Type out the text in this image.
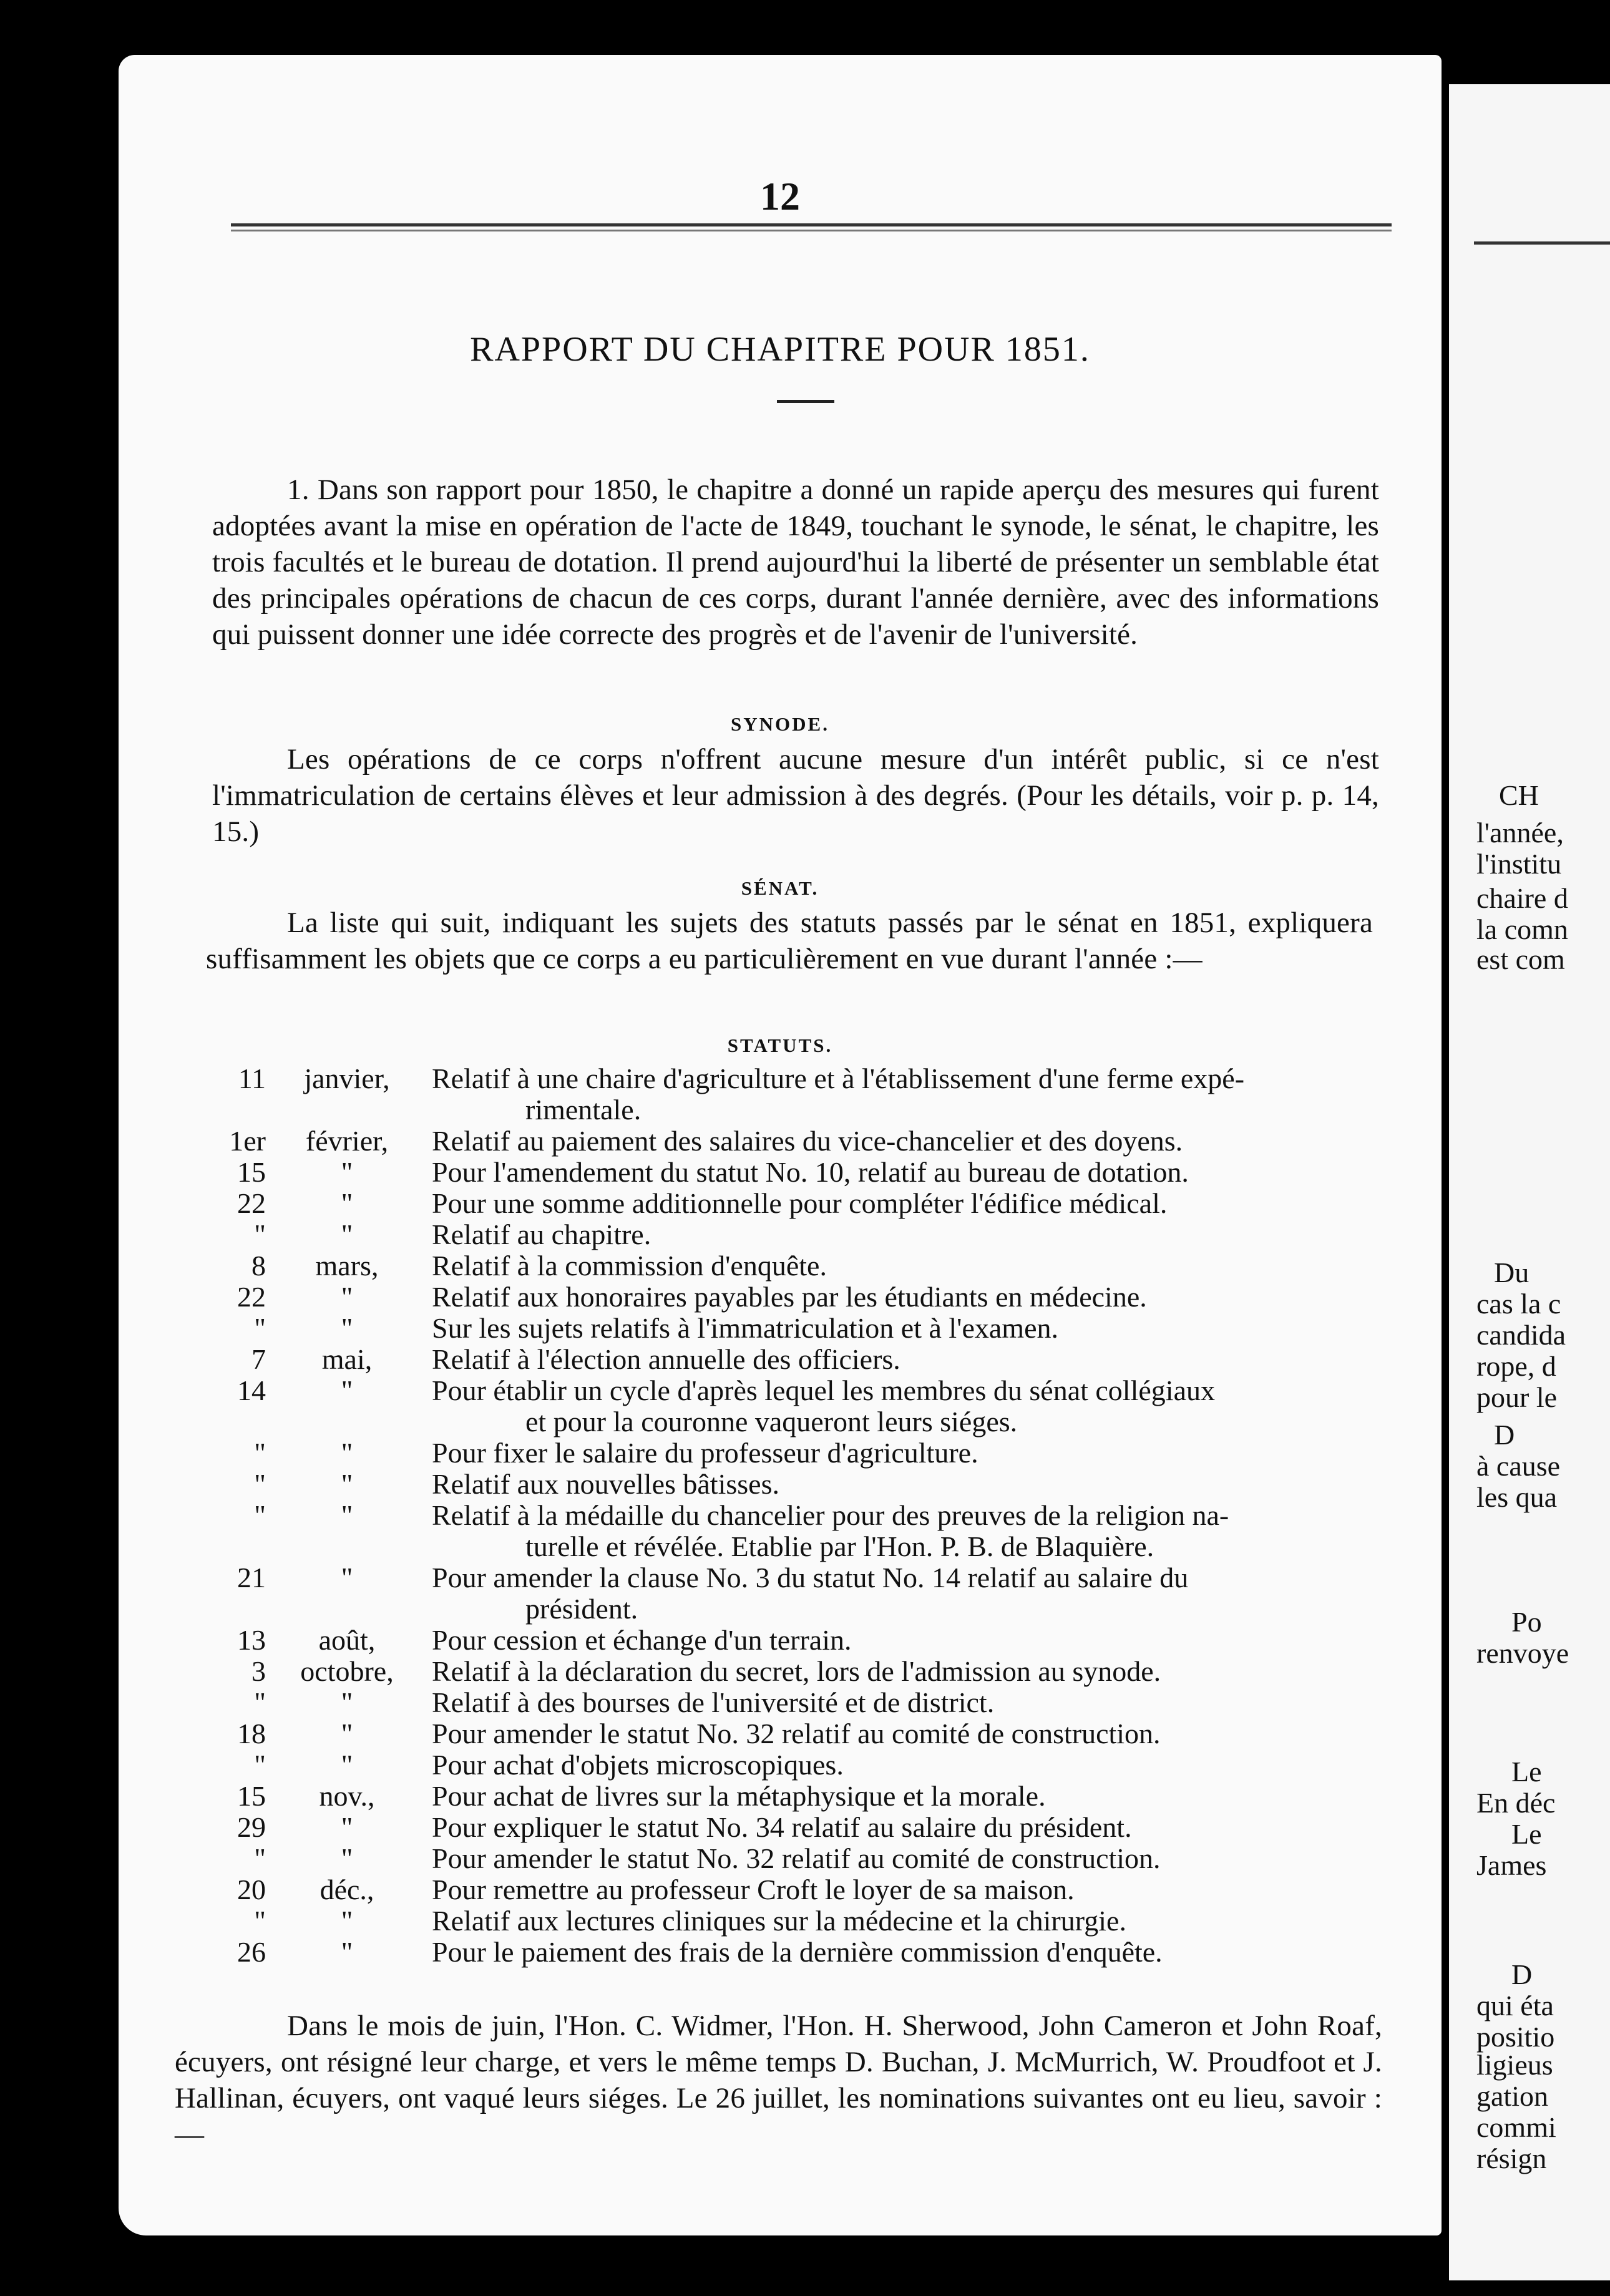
12
RAPPORT DU CHAPITRE POUR 1851.
1. Dans son rapport pour 1850, le chapitre a donné un rapide aperçu des mesures qui furent adoptées avant la mise en opération de l'acte de 1849, touchant le synode, le sénat, le chapitre, les trois facultés et le bureau de dotation. Il prend aujourd'hui la liberté de présenter un semblable état des principales opérations de chacun de ces corps, durant l'année dernière, avec des informations qui puissent donner une idée correcte des progrès et de l'avenir de l'université.
SYNODE.
Les opérations de ce corps n'offrent aucune mesure d'un intérêt public, si ce n'est l'immatriculation de certains élèves et leur admission à des degrés. (Pour les détails, voir p. p. 14, 15.)
SÉNAT.
La liste qui suit, indiquant les sujets des statuts passés par le sénat en 1851, expliquera suffisamment les objets que ce corps a eu particulièrement en vue durant l'année :—
STATUTS.
11	janvier,	Relatif à une chaire d'agriculture et à l'établissement d'une ferme expé-
rimentale.
1er	février,	Relatif au paiement des salaires du vice-chancelier et des doyens.
15	"	Pour l'amendement du statut No. 10, relatif au bureau de dotation.
22	"	Pour une somme additionnelle pour compléter l'édifice médical.
"	"	Relatif au chapitre.
8	mars,	Relatif à la commission d'enquête.
22	"	Relatif aux honoraires payables par les étudiants en médecine.
"	"	Sur les sujets relatifs à l'immatriculation et à l'examen.
7	mai,	Relatif à l'élection annuelle des officiers.
14	"	Pour établir un cycle d'après lequel les membres du sénat collégiaux
et pour la couronne vaqueront leurs siéges.
"	"	Pour fixer le salaire du professeur d'agriculture.
"	"	Relatif aux nouvelles bâtisses.
"	"	Relatif à la médaille du chancelier pour des preuves de la religion na-
turelle et révélée. Etablie par l'Hon. P. B. de Blaquière.
21	"	Pour amender la clause No. 3 du statut No. 14 relatif au salaire du
président.
13	août,	Pour cession et échange d'un terrain.
3	octobre,	Relatif à la déclaration du secret, lors de l'admission au synode.
"	"	Relatif à des bourses de l'université et de district.
18	"	Pour amender le statut No. 32 relatif au comité de construction.
"	"	Pour achat d'objets microscopiques.
15	nov.,	Pour achat de livres sur la métaphysique et la morale.
29	"	Pour expliquer le statut No. 34 relatif au salaire du président.
"	"	Pour amender le statut No. 32 relatif au comité de construction.
20	déc.,	Pour remettre au professeur Croft le loyer de sa maison.
"	"	Relatif aux lectures cliniques sur la médecine et la chirurgie.
26	"	Pour le paiement des frais de la dernière commission d'enquête.
Dans le mois de juin, l'Hon. C. Widmer, l'Hon. H. Sherwood, John Cameron et John Roaf, écuyers, ont résigné leur charge, et vers le même temps D. Buchan, J. McMurrich, W. Proudfoot et J. Hallinan, écuyers, ont vaqué leurs siéges. Le 26 juillet, les nominations suivantes ont eu lieu, savoir :—
CH
l'année,
l'institu
chaire d
la comn
est com
Du
cas la c
candida
rope, d
pour le
D
à cause
les qua
Po
renvoye
Le
En déc
Le
James
D
qui éta
positio
ligieus
gation
commi
résign
